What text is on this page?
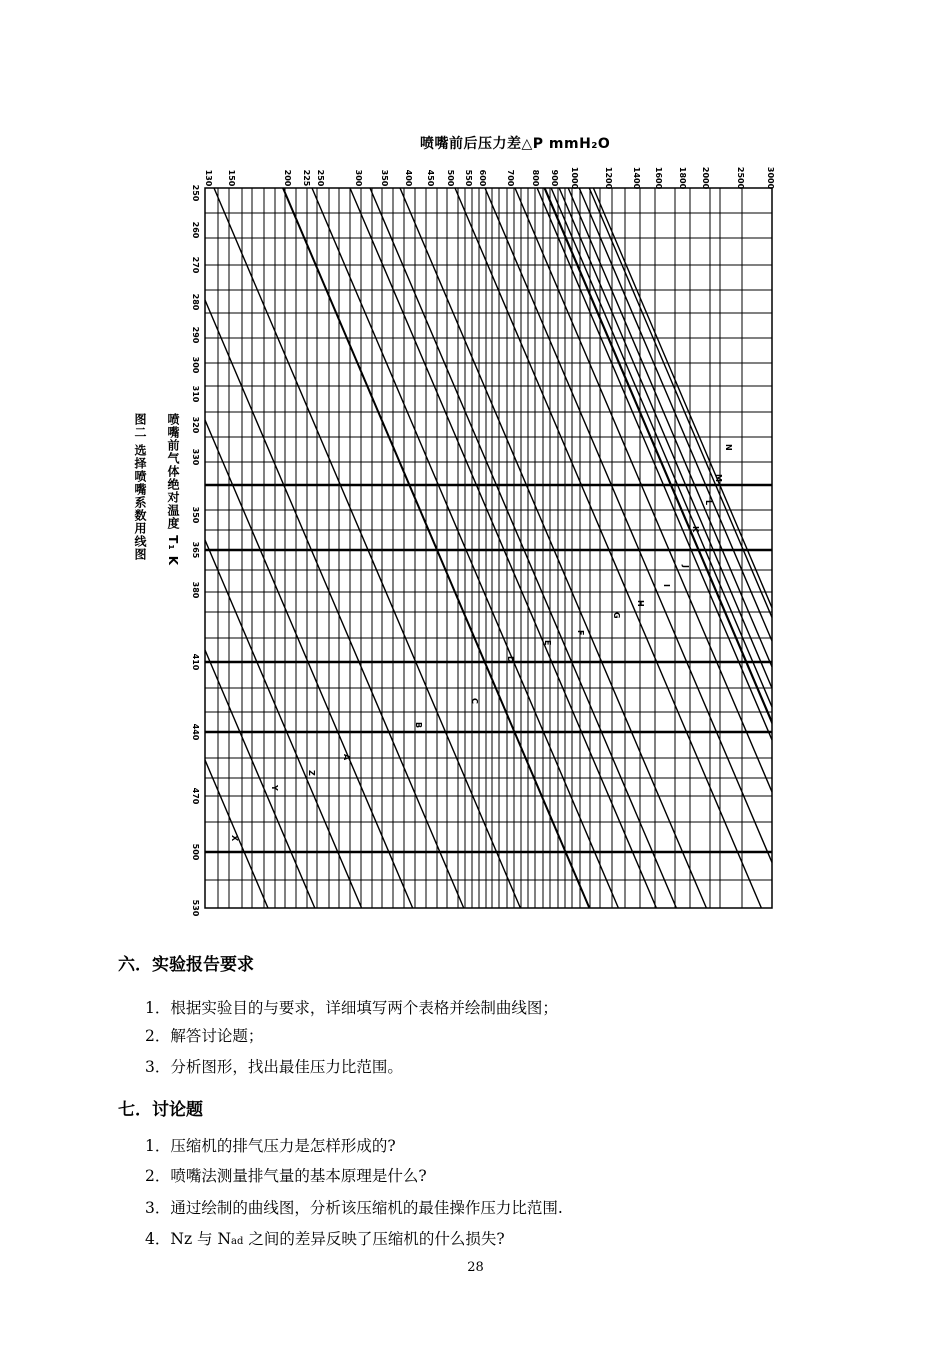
喷嘴前后压力差△P mmH₂O
喷嘴前气体绝对温度 T₁ K
图二 选择喷嘴系数用线图
130 150	200 225 250	300 350 400 450 500 550 600 700 800 900 1000	1200 1400 1600 1800 2000	2500	3000
250
260
270
280
290
300
310
320
330
350
365
380
410
440
470
500
530
X
Y
Z
A
B
C
D
E
F
G
H
I
J
K
L
M
N
六．实验报告要求
1．根据实验目的与要求，详细填写两个表格并绘制曲线图；
2．解答讨论题；
3．分析图形，找出最佳压力比范围。
七．讨论题
1．压缩机的排气压力是怎样形成的?
2．喷嘴法测量排气量的基本原理是什么?
3．通过绘制的曲线图，分析该压缩机的最佳操作压力比范围.
4．Nz 与 Nad 之间的差异反映了压缩机的什么损失?
28
